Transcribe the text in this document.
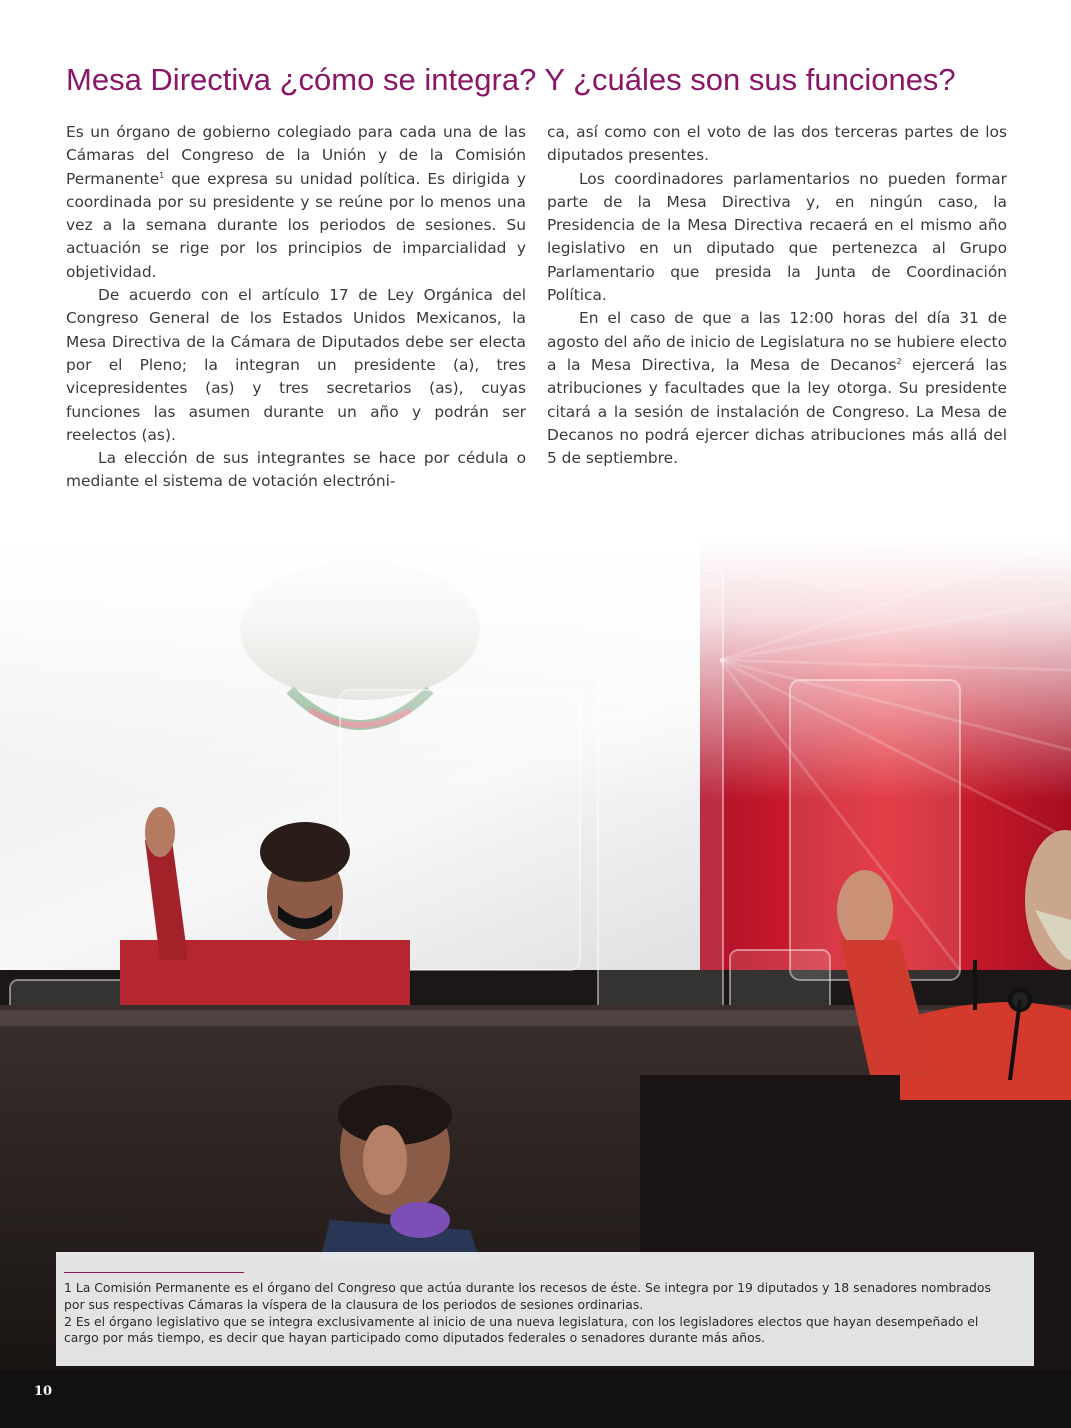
Mesa Directiva ¿cómo se integra? Y ¿cuáles son sus funciones?

Es un órgano de gobierno colegiado para cada una de las Cámaras del Congreso de la Unión y de la Comisión Permanente$^1$ que expresa su unidad política. Es dirigida y coordinada por su presidente y se reúne por lo menos una vez a la semana durante los periodos de sesiones. Su actuación se rige por los principios de imparcialidad y objetividad.

De acuerdo con el artículo 17 de Ley Orgánica del Congreso General de los Estados Unidos Mexicanos, la Mesa Directiva de la Cámara de Diputados debe ser electa por el Pleno; la integran un presidente (a), tres vicepresidentes (as) y tres secretarios (as), cuyas funciones las asumen durante un año y podrán ser reelectos (as).

La elección de sus integrantes se hace por cédula o mediante el sistema de votación electróni-

ca, así como con el voto de las dos terceras partes de los diputados presentes.

Los coordinadores parlamentarios no pueden formar parte de la Mesa Directiva y, en ningún caso, la Presidencia de la Mesa Directiva recaerá en el mismo año legislativo en un diputado que pertenezca al Grupo Parlamentario que presida la Junta de Coordinación Política.

En el caso de que a las 12:00 horas del día 31 de agosto del año de inicio de Legislatura no se hubiere electo a la Mesa Directiva, la Mesa de Decanos$^2$ ejercerá las atribuciones y facultades que la ley otorga. Su presidente citará a la sesión de instalación de Congreso. La Mesa de Decanos no podrá ejercer dichas atribuciones más allá del 5 de septiembre.

1 La Comisión Permanente es el órgano del Congreso que actúa durante los recesos de éste. Se integra por 19 diputados y 18 senadores nombrados por sus respectivas Cámaras la víspera de la clausura de los periodos de sesiones ordinarias.

2 Es el órgano legislativo que se integra exclusivamente al inicio de una nueva legislatura, con los legisladores electos que hayan desempeñado el cargo por más tiempo, es decir que hayan participado como diputados federales o senadores durante más años.

10
